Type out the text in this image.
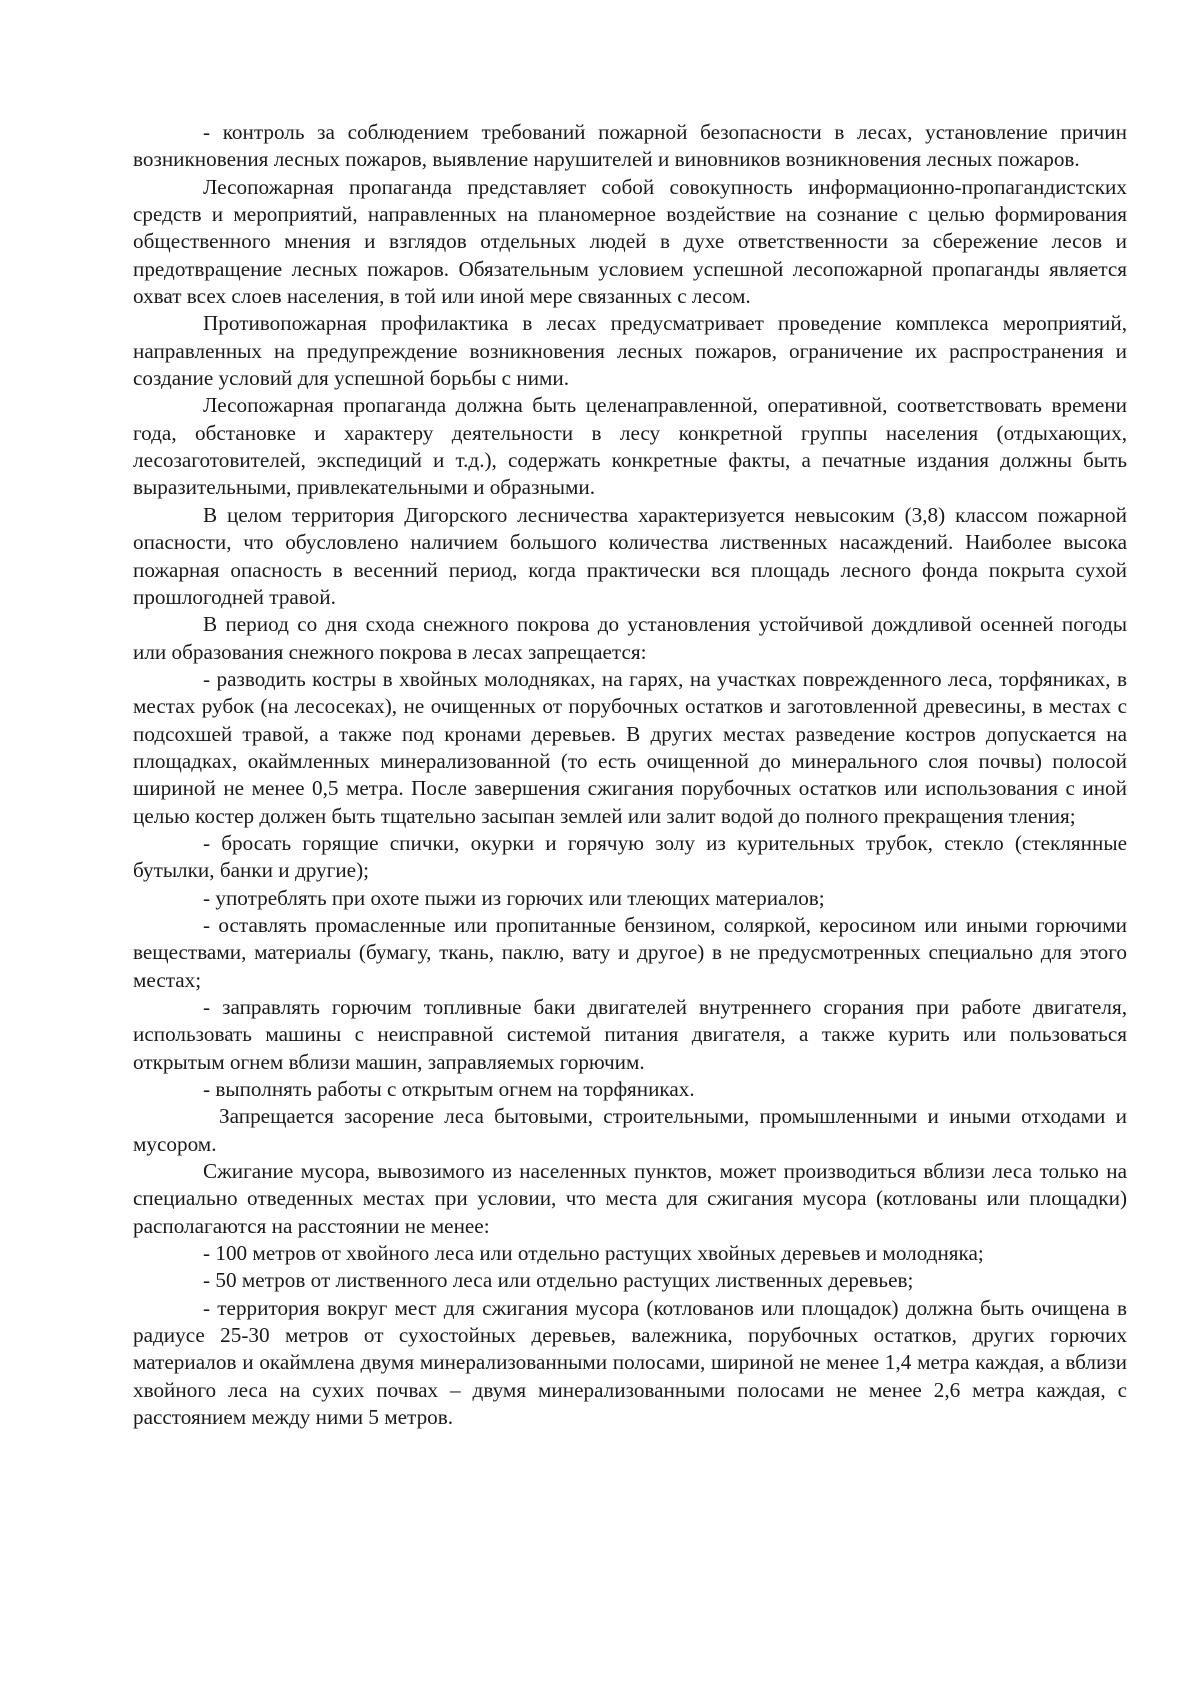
- контроль за соблюдением требований пожарной безопасности в лесах, установление причин возникновения лесных пожаров, выявление нарушителей и виновников возникновения лесных пожаров.

Лесопожарная пропаганда представляет собой совокупность информационно-пропагандистских средств и мероприятий, направленных на планомерное воздействие на сознание с целью формирования общественного мнения и взглядов отдельных людей в духе ответственности за сбережение лесов и предотвращение лесных пожаров. Обязательным условием успешной лесопожарной пропаганды является охват всех слоев населения, в той или иной мере связанных с лесом.

Противопожарная профилактика в лесах предусматривает проведение комплекса мероприятий, направленных на предупреждение возникновения лесных пожаров, ограничение их распространения и создание условий для успешной борьбы с ними.

Лесопожарная пропаганда должна быть целенаправленной, оперативной, соответствовать времени года, обстановке и характеру деятельности в лесу конкретной группы населения (отдыхающих, лесозаготовителей, экспедиций и т.д.), содержать конкретные факты, а печатные издания должны быть выразительными, привлекательными и образными.

В целом территория Дигорского лесничества характеризуется невысоким (3,8) классом пожарной опасности, что обусловлено наличием большого количества лиственных насаждений. Наиболее высока пожарная опасность в весенний период, когда практически вся площадь лесного фонда покрыта сухой прошлогодней травой.

В период со дня схода снежного покрова до установления устойчивой дождливой осенней погоды или образования снежного покрова в лесах запрещается:

- разводить костры в хвойных молодняках, на гарях, на участках поврежденного леса, торфяниках, в местах рубок (на лесосеках), не очищенных от порубочных остатков и заготовленной древесины, в местах с подсохшей травой, а также под кронами деревьев. В других местах разведение костров допускается на площадках, окаймленных минерализованной (то есть очищенной до минерального слоя почвы) полосой шириной не менее 0,5 метра. После завершения сжигания порубочных остатков или использования с иной целью костер должен быть тщательно засыпан землей или залит водой до полного прекращения тления;

- бросать горящие спички, окурки и горячую золу из курительных трубок, стекло (стеклянные бутылки, банки и другие);

- употреблять при охоте пыжи из горючих или тлеющих материалов;

- оставлять промасленные или пропитанные бензином, соляркой, керосином или иными горючими веществами, материалы (бумагу, ткань, паклю, вату и другое) в не предусмотренных специально для этого местах;

- заправлять горючим топливные баки двигателей внутреннего сгорания при работе двигателя, использовать машины с неисправной системой питания двигателя, а также курить или пользоваться открытым огнем вблизи машин, заправляемых горючим.

- выполнять работы с открытым огнем на торфяниках.

Запрещается засорение леса бытовыми, строительными, промышленными и иными отходами и мусором.

Сжигание мусора, вывозимого из населенных пунктов, может производиться вблизи леса только на специально отведенных местах при условии, что места для сжигания мусора (котлованы или площадки) располагаются на расстоянии не менее:

- 100 метров от хвойного леса или отдельно растущих хвойных деревьев и молодняка;

- 50 метров от лиственного леса или отдельно растущих лиственных деревьев;

- территория вокруг мест для сжигания мусора (котлованов или площадок) должна быть очищена в радиусе 25-30 метров от сухостойных деревьев, валежника, порубочных остатков, других горючих материалов и окаймлена двумя минерализованными полосами, шириной не менее 1,4 метра каждая, а вблизи хвойного леса на сухих почвах – двумя минерализованными полосами не менее 2,6 метра каждая, с расстоянием между ними 5 метров.
